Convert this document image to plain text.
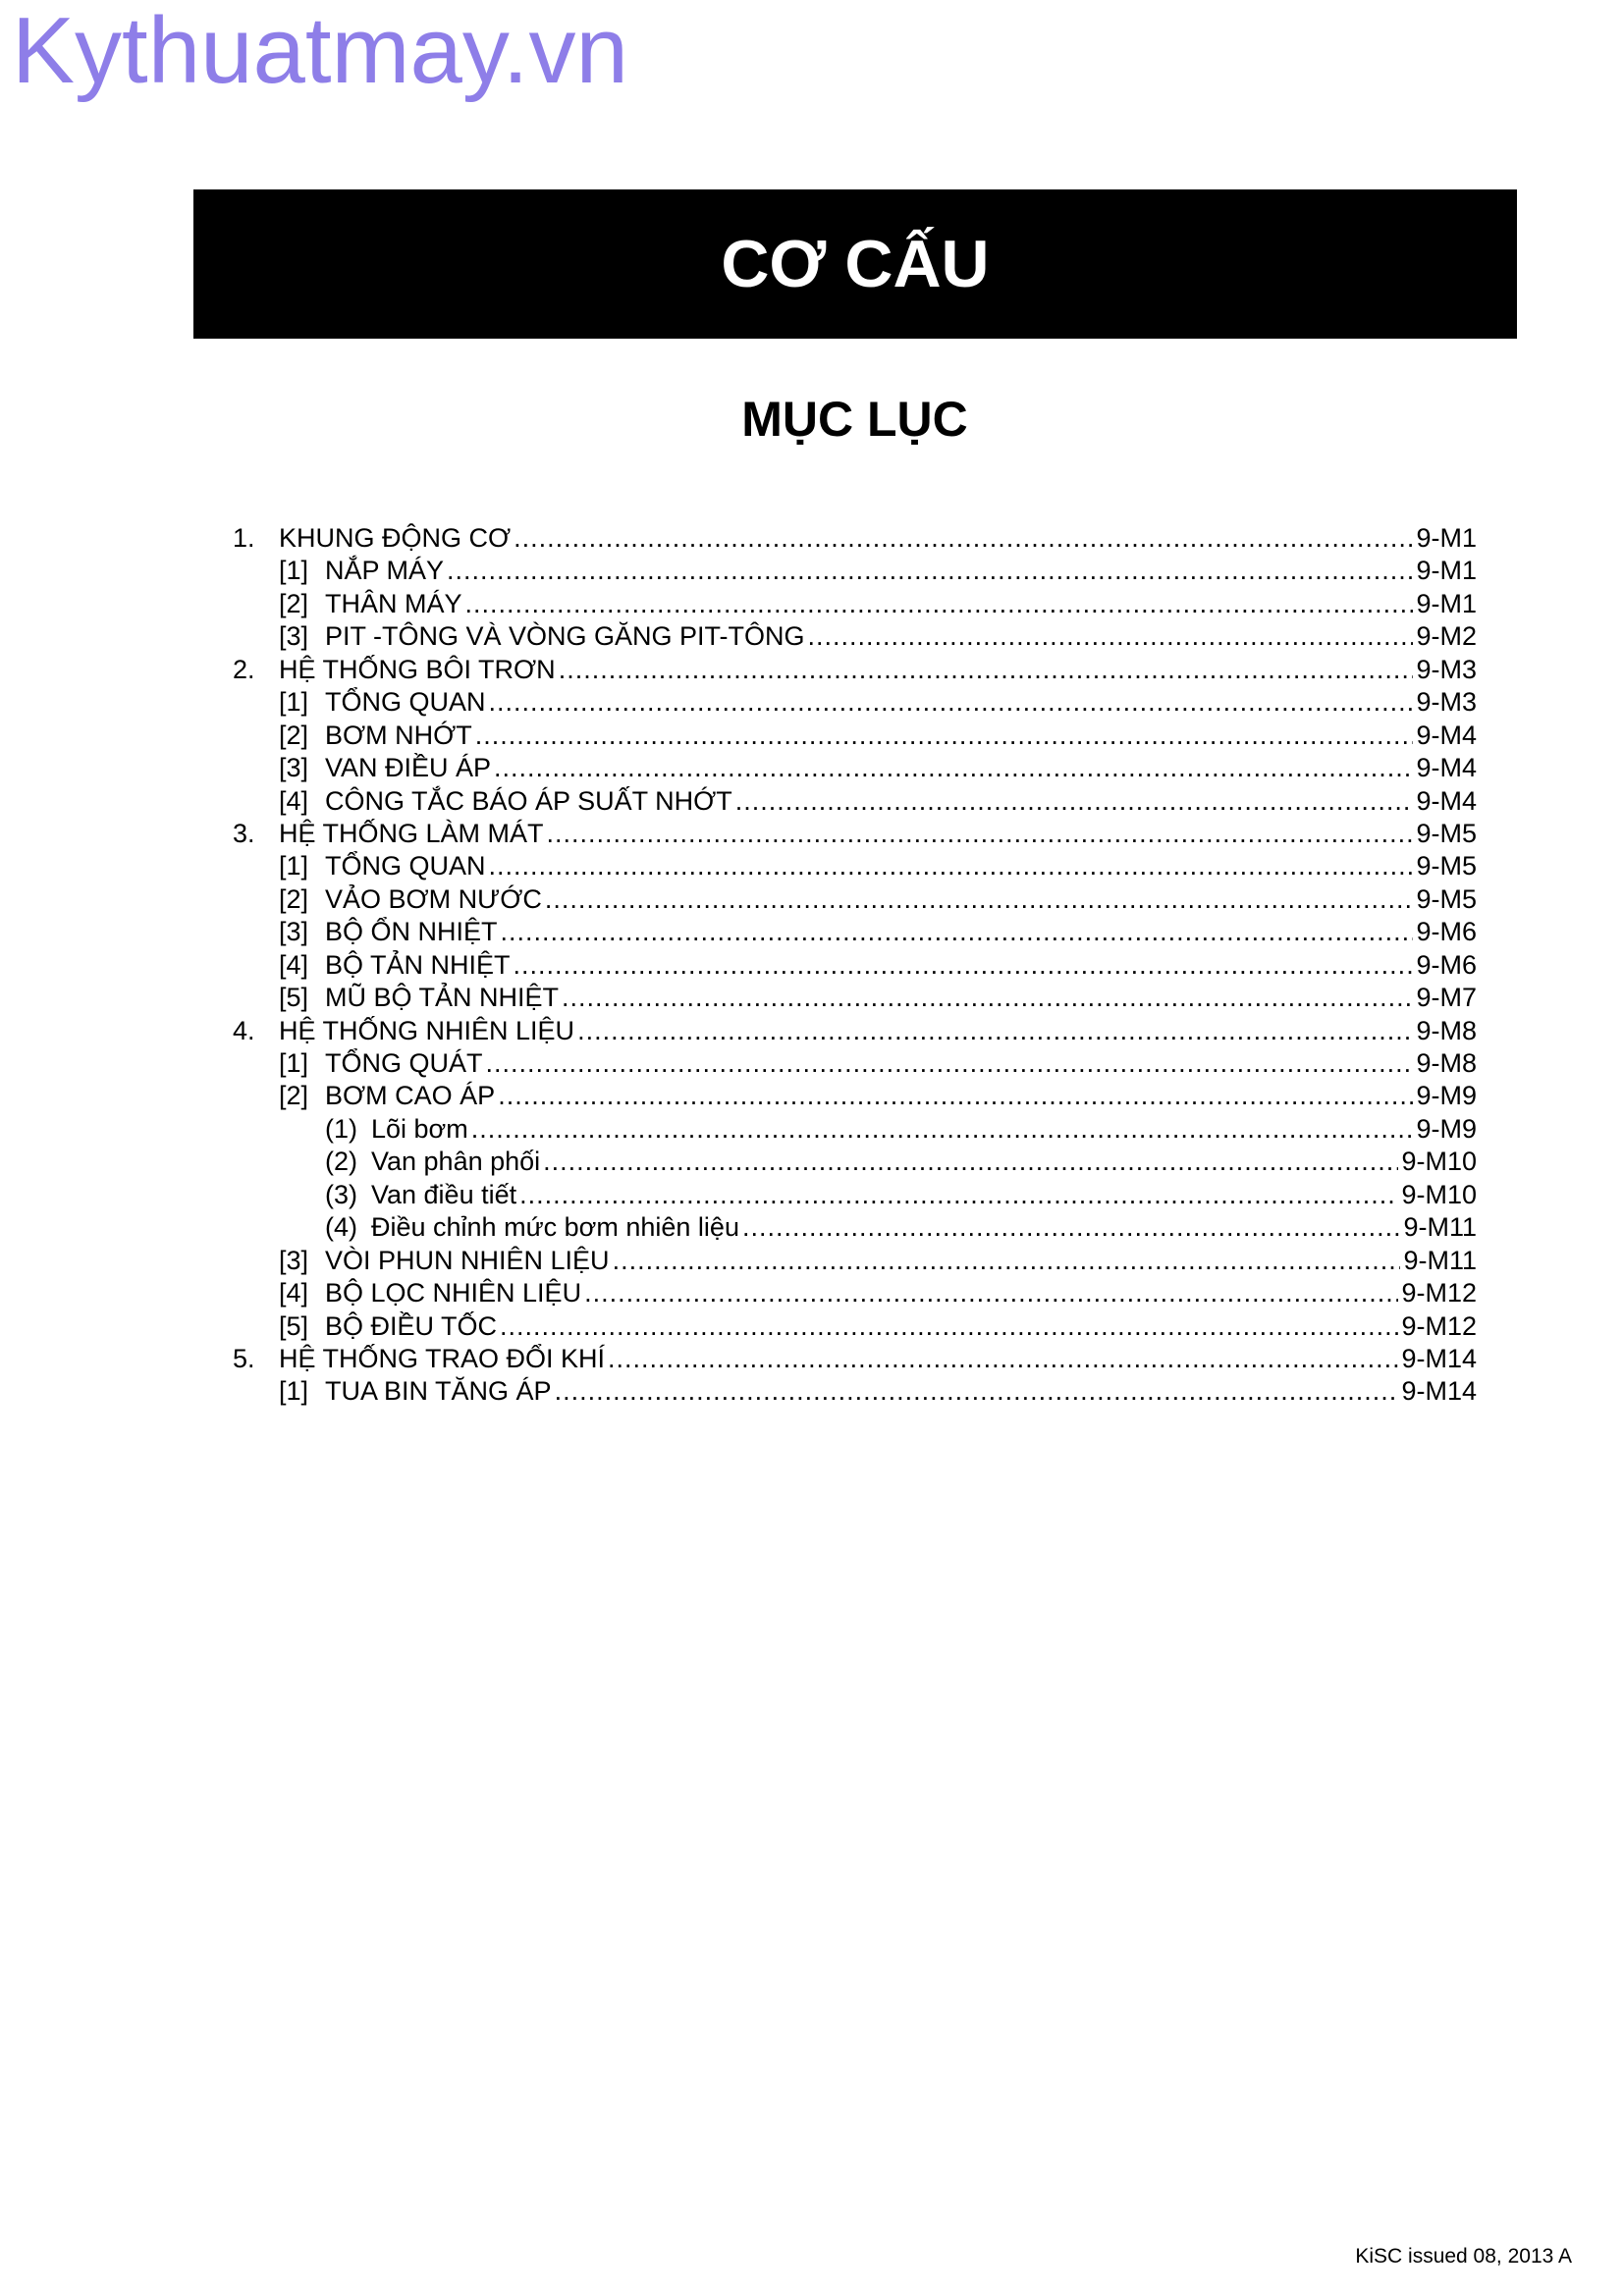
Kythuatmay.vn
CƠ CẤU
MỤC LỤC
1. KHUNG ĐỘNG CƠ .....	9-M1
[1] NẮP MÁY .....	9-M1
[2] THÂN MÁY .....	9-M1
[3] PIT -TÔNG VÀ VÒNG GĂNG PIT-TÔNG .....	9-M2
2. HỆ THỐNG BÔI TRƠN .....	9-M3
[1] TỔNG QUAN .....	9-M3
[2] BƠM NHỚT .....	9-M4
[3] VAN ĐIỀU ÁP .....	9-M4
[4] CÔNG TẮC BÁO ÁP SUẤT NHỚT .....	9-M4
3. HỆ THỐNG LÀM MÁT .....	9-M5
[1] TỔNG QUAN .....	9-M5
[2] VẢO BƠM NƯỚC .....	9-M5
[3] BỘ ỔN NHIỆT .....	9-M6
[4] BỘ TẢN NHIỆT .....	9-M6
[5] MŨ BỘ TẢN NHIỆT .....	9-M7
4. HỆ THỐNG NHIÊN LIỆU .....	9-M8
[1] TỔNG QUÁT .....	9-M8
[2] BƠM CAO ÁP .....	9-M9
(1) Lõi bơm .....	9-M9
(2) Van phân phối .....	9-M10
(3) Van điều tiết .....	9-M10
(4) Điều chỉnh mức bơm nhiên liệu .....	9-M11
[3] VÒI PHUN NHIÊN LIỆU .....	9-M11
[4] BỘ LỌC NHIÊN LIỆU .....	9-M12
[5] BỘ ĐIỀU TỐC .....	9-M12
5. HỆ THỐNG TRAO ĐỔI KHÍ .....	9-M14
[1] TUA BIN TĂNG ÁP .....	9-M14
KiSC issued 08, 2013 A
